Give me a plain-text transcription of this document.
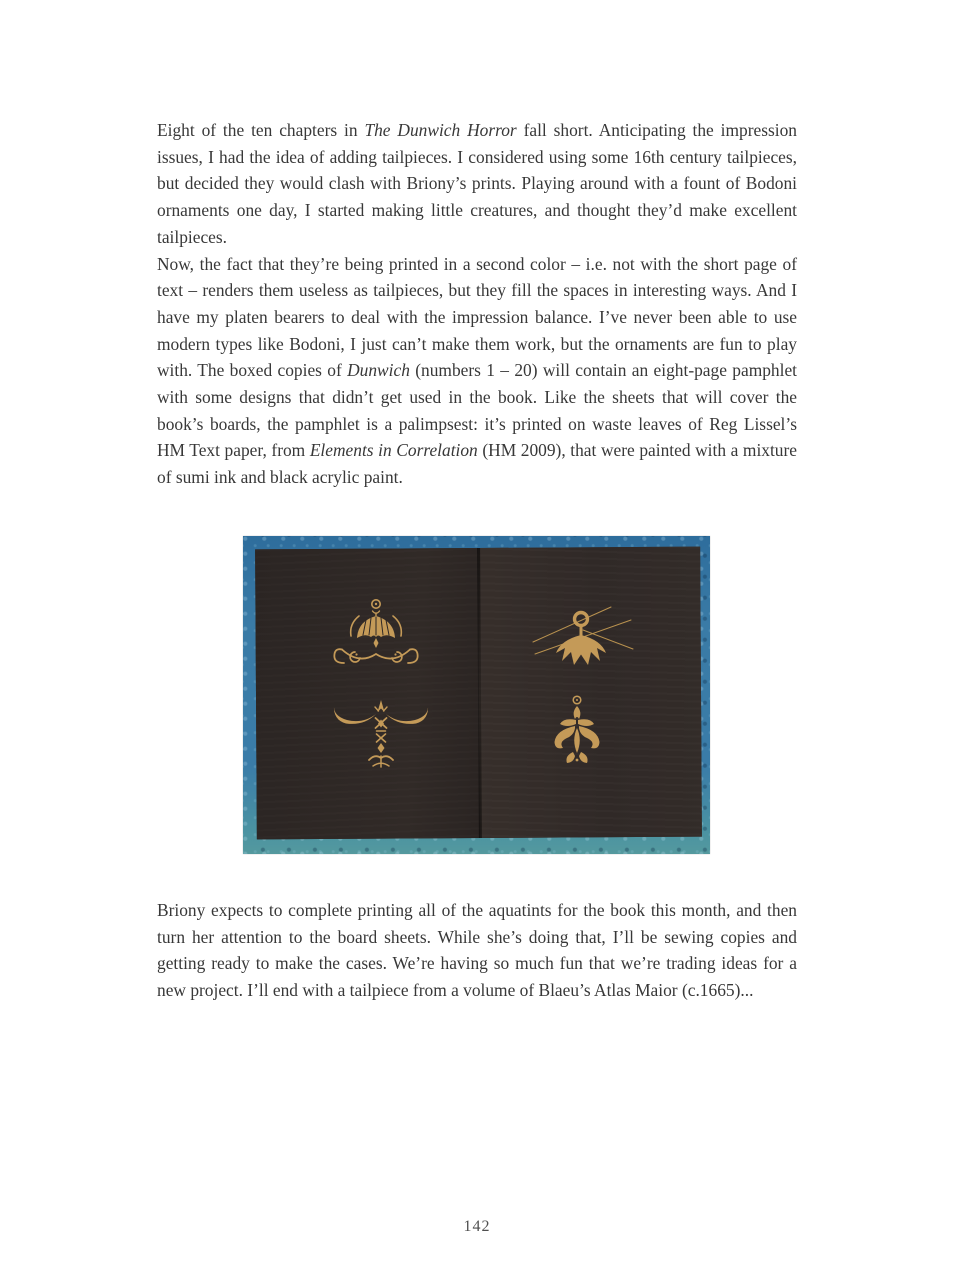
Eight of the ten chapters in The Dunwich Horror fall short. Anticipating the impression issues, I had the idea of adding tailpieces. I considered using some 16th century tailpieces, but decided they would clash with Briony’s prints. Playing around with a fount of Bodoni ornaments one day, I started making little creatures, and thought they’d make excellent tailpieces.

Now, the fact that they’re being printed in a second color – i.e. not with the short page of text – renders them useless as tailpieces, but they fill the spaces in interesting ways. And I have my platen bearers to deal with the impression balance. I’ve never been able to use modern types like Bodoni, I just can’t make them work, but the ornaments are fun to play with. The boxed copies of Dunwich (numbers 1 – 20) will contain an eight-page pamphlet with some designs that didn’t get used in the book. Like the sheets that will cover the book’s boards, the pamphlet is a palimpsest: it’s printed on waste leaves of Reg Lissel’s HM Text paper, from Elements in Correlation (HM 2009), that were painted with a mixture of sumi ink and black acrylic paint.

Briony expects to complete printing all of the aquatints for the book this month, and then turn her attention to the board sheets. While she’s doing that, I’ll be sewing copies and getting ready to make the cases. We’re having so much fun that we’re trading ideas for a new project. I’ll end with a tailpiece from a volume of Blaeu’s Atlas Maior (c.1665)...

142
